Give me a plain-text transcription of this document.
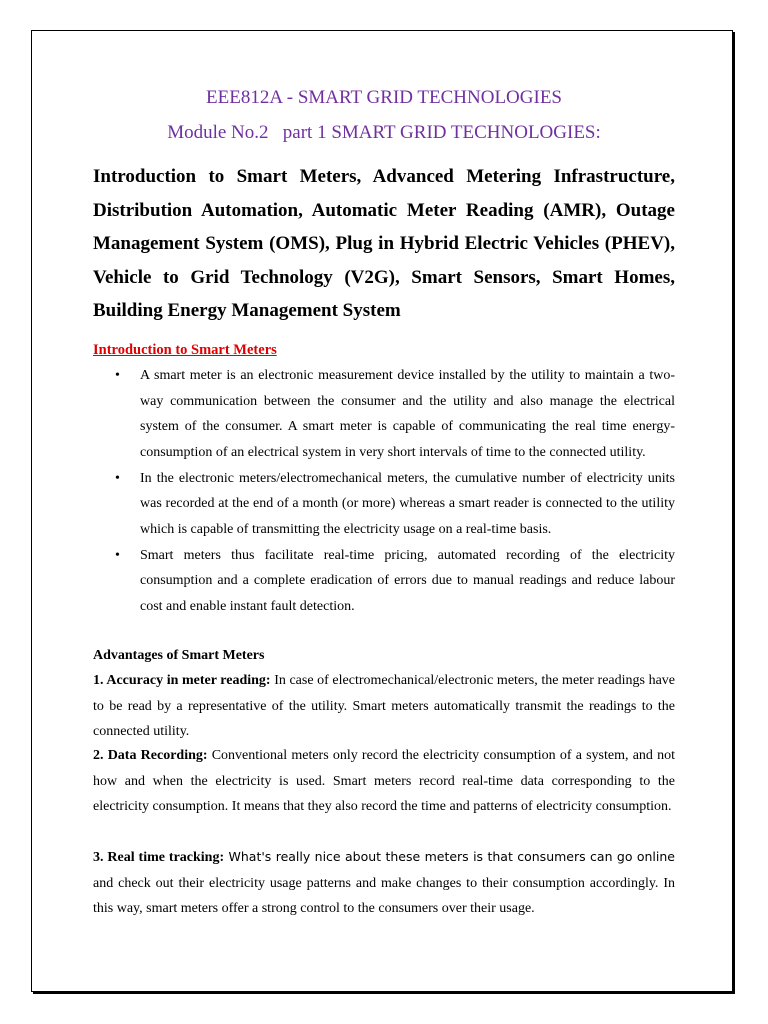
EEE812A - SMART GRID TECHNOLOGIES
Module No.2   part 1 SMART GRID TECHNOLOGIES:

Introduction to Smart Meters, Advanced Metering Infrastructure, Distribution Automation, Automatic Meter Reading (AMR), Outage Management System (OMS), Plug in Hybrid Electric Vehicles (PHEV), Vehicle to Grid Technology (V2G), Smart Sensors, Smart Homes, Building Energy Management System

Introduction to Smart Meters

• A smart meter is an electronic measurement device installed by the utility to maintain a two-way communication between the consumer and the utility and also manage the electrical system of the consumer. A smart meter is capable of communicating the real time energy-consumption of an electrical system in very short intervals of time to the connected utility.
• In the electronic meters/electromechanical meters, the cumulative number of electricity units was recorded at the end of a month (or more) whereas a smart reader is connected to the utility which is capable of transmitting the electricity usage on a real-time basis.
• Smart meters thus facilitate real-time pricing, automated recording of the electricity consumption and a complete eradication of errors due to manual readings and reduce labour cost and enable instant fault detection.

Advantages of Smart Meters

1. Accuracy in meter reading: In case of electromechanical/electronic meters, the meter readings have to be read by a representative of the utility. Smart meters automatically transmit the readings to the connected utility.

2. Data Recording: Conventional meters only record the electricity consumption of a system, and not how and when the electricity is used. Smart meters record real-time data corresponding to the electricity consumption. It means that they also record the time and patterns of electricity consumption.

3. Real time tracking: What's really nice about these meters is that consumers can go online and check out their electricity usage patterns and make changes to their consumption accordingly. In this way, smart meters offer a strong control to the consumers over their usage.
